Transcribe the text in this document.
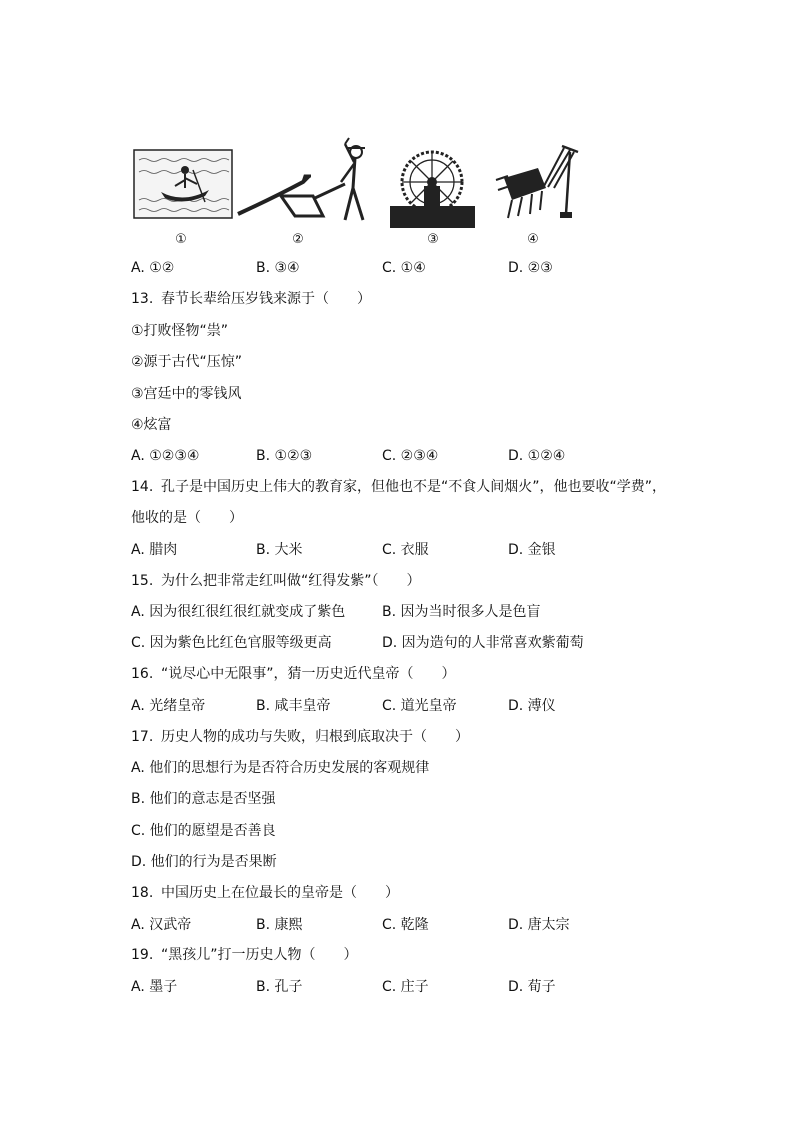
①	②	③	④
A. ①②	B. ③④	C. ①④	D. ②③
13. 春节长辈给压岁钱来源于（　　）
①打败怪物“祟”
②源于古代“压惊”
③宫廷中的零钱风
④炫富
A. ①②③④	B. ①②③	C. ②③④	D. ①②④
14. 孔子是中国历史上伟大的教育家，但他也不是“不食人间烟火”，他也要收“学费”，
他收的是（　　）
A. 腊肉	B. 大米	C. 衣服	D. 金银
15. 为什么把非常走红叫做“红得发紫”（　　）
A. 因为很红很红很红就变成了紫色	B. 因为当时很多人是色盲
C. 因为紫色比红色官服等级更高	D. 因为造句的人非常喜欢紫葡萄
16. “说尽心中无限事”，猜一历史近代皇帝（　　）
A. 光绪皇帝	B. 咸丰皇帝	C. 道光皇帝	D. 溥仪
17. 历史人物的成功与失败，归根到底取决于（　　）
A. 他们的思想行为是否符合历史发展的客观规律
B. 他们的意志是否坚强
C. 他们的愿望是否善良
D. 他们的行为是否果断
18. 中国历史上在位最长的皇帝是（　　）
A. 汉武帝	B. 康熙	C. 乾隆	D. 唐太宗
19. “黑孩儿”打一历史人物（　　）
A. 墨子	B. 孔子	C. 庄子	D. 荀子
